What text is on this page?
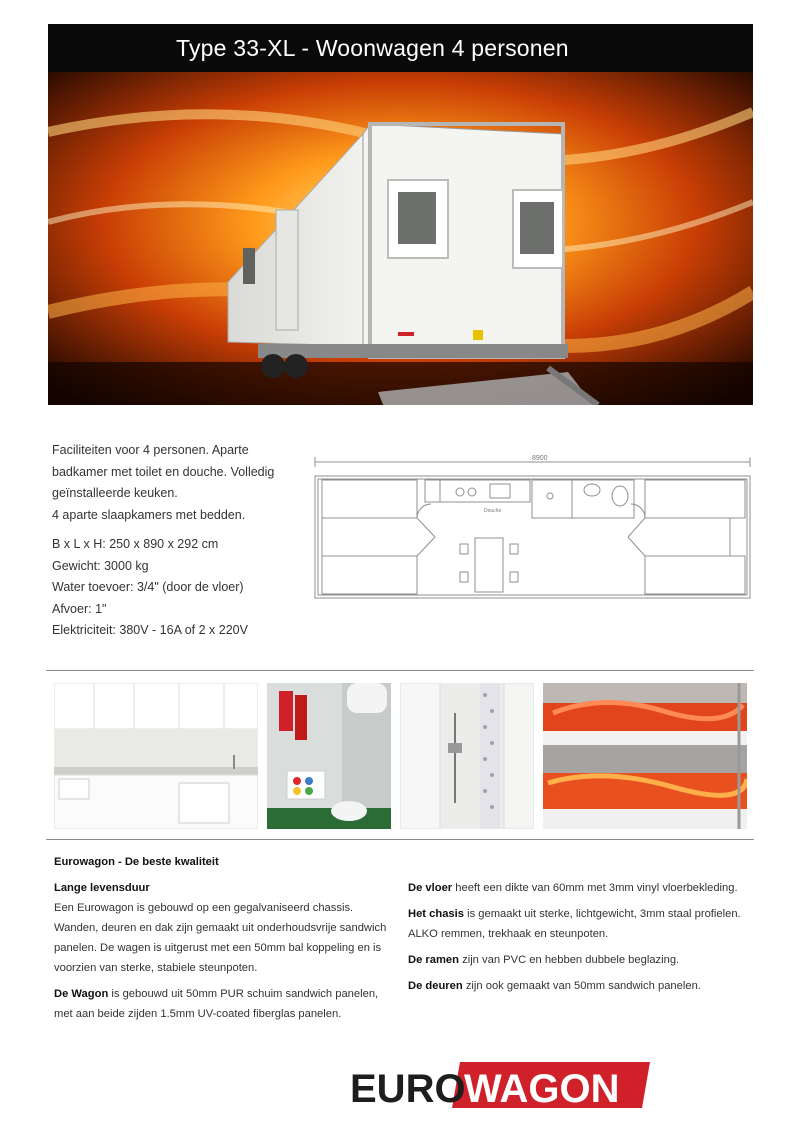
Type 33-XL - Woonwagen 4 personen
Faciliteiten voor 4 personen. Aparte
badkamer met toilet en douche. Volledig
geïnstalleerde keuken.
4 aparte slaapkamers met bedden.
B x L x H: 250 x 890 x 292 cm
Gewicht: 3000 kg
Water toevoer: 3/4" (door de vloer)
Afvoer: 1"
Elektriciteit: 380V - 16A of 2 x 220V
8900
Douche
Eurowagon - De beste kwaliteit
Lange levensduur
Een Eurowagon is gebouwd op een gegalvaniseerd chassis. Wanden, deuren en dak zijn gemaakt uit onderhoudsvrije sandwich panelen. De wagen is uitgerust met een 50mm bal koppeling en is voorzien van sterke, stabiele steunpoten.
De Wagon is gebouwd uit 50mm PUR schuim sandwich panelen, met aan beide zijden 1.5mm UV-coated fiberglas panelen.
De vloer heeft een dikte van 60mm met 3mm vinyl vloerbekleding.
Het chasis is gemaakt uit sterke, lichtgewicht, 3mm staal profielen. ALKO remmen, trekhaak en steunpoten.
De ramen zijn van PVC en hebben dubbele beglazing.
De deuren zijn ook gemaakt van 50mm sandwich panelen.
EURO
WAGON
